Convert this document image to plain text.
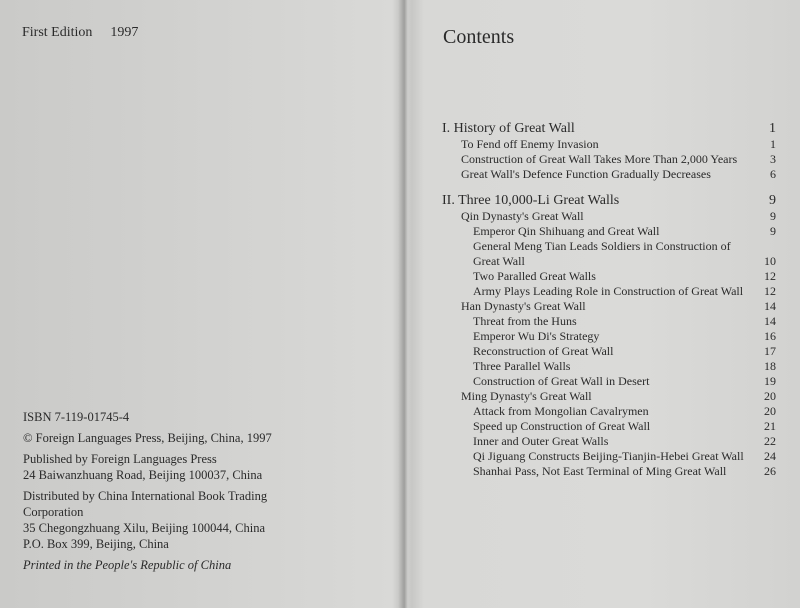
First Edition 1997
ISBN 7-119-01745-4
© Foreign Languages Press, Beijing, China, 1997
Published by Foreign Languages Press
24 Baiwanzhuang Road, Beijing 100037, China
Distributed by China International Book Trading
Corporation
35 Chegongzhuang Xilu, Beijing 100044, China
P.O. Box 399, Beijing, China
Printed in the People's Republic of China
Contents
I. History of Great Wall	1
To Fend off Enemy Invasion	1
Construction of Great Wall Takes More Than 2,000 Years	3
Great Wall's Defence Function Gradually Decreases	6
II. Three 10,000-Li Great Walls	9
Qin Dynasty's Great Wall	9
Emperor Qin Shihuang and Great Wall	9
General Meng Tian Leads Soldiers in Construction of Great Wall	10
Two Paralled Great Walls	12
Army Plays Leading Role in Construction of Great Wall	12
Han Dynasty's Great Wall	14
Threat from the Huns	14
Emperor Wu Di's Strategy	16
Reconstruction of Great Wall	17
Three Parallel Walls	18
Construction of Great Wall in Desert	19
Ming Dynasty's Great Wall	20
Attack from Mongolian Cavalrymen	20
Speed up Construction of Great Wall	21
Inner and Outer Great Walls	22
Qi Jiguang Constructs Beijing-Tianjin-Hebei Great Wall	24
Shanhai Pass, Not East Terminal of Ming Great Wall	26
